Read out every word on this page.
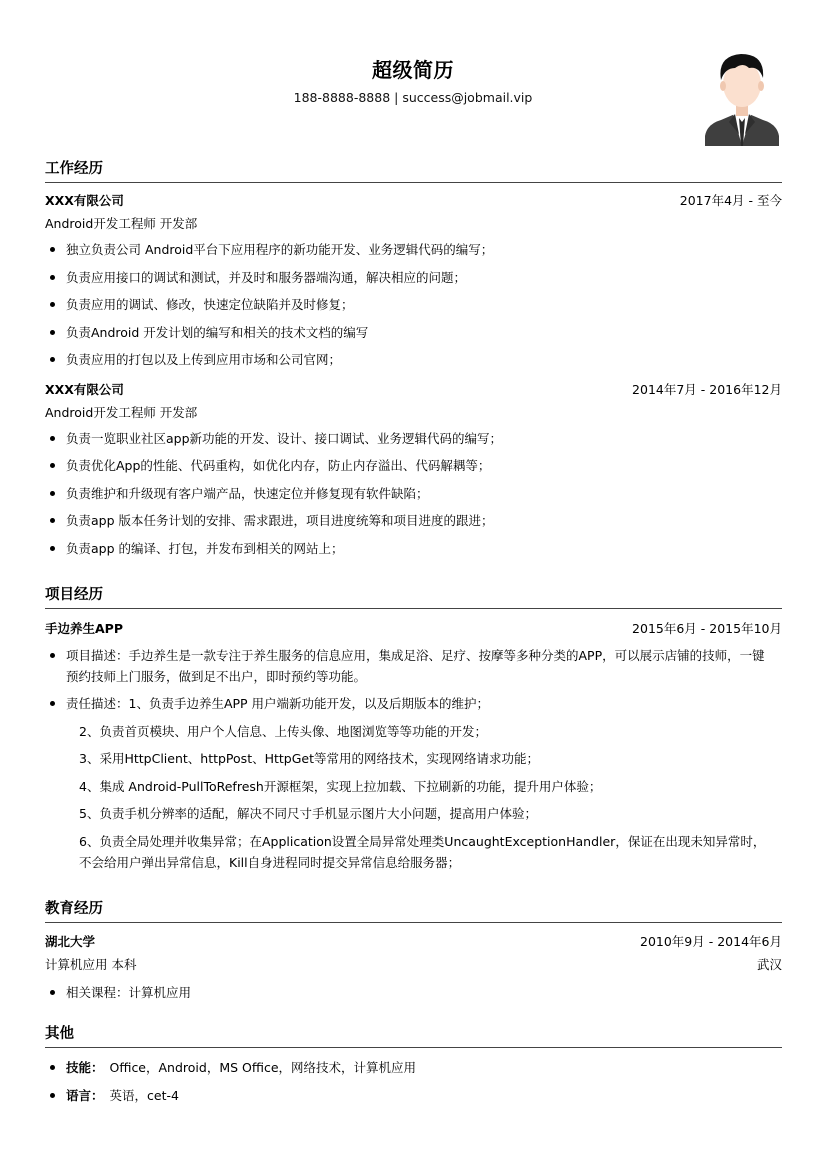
超级简历
188-8888-8888 | success@jobmail.vip
工作经历
XXX有限公司	2017年4月 - 至今
Android开发工程师 开发部
独立负责公司 Android平台下应用程序的新功能开发、业务逻辑代码的编写；
负责应用接口的调试和测试，并及时和服务器端沟通，解决相应的问题；
负责应用的调试、修改，快速定位缺陷并及时修复；
负责Android 开发计划的编写和相关的技术文档的编写
负责应用的打包以及上传到应用市场和公司官网；
XXX有限公司	2014年7月 - 2016年12月
Android开发工程师 开发部
负责一览职业社区app新功能的开发、设计、接口调试、业务逻辑代码的编写；
负责优化App的性能、代码重构，如优化内存，防止内存溢出、代码解耦等；
负责维护和升级现有客户端产品，快速定位并修复现有软件缺陷；
负责app 版本任务计划的安排、需求跟进，项目进度统筹和项目进度的跟进；
负责app 的编译、打包，并发布到相关的网站上；
项目经历
手边养生APP	2015年6月 - 2015年10月
项目描述：手边养生是一款专注于养生服务的信息应用，集成足浴、足疗、按摩等多种分类的APP，可以展示店铺的技师，一键
预约技师上门服务，做到足不出户，即时预约等功能。
责任描述：1、负责手边养生APP 用户端新功能开发，以及后期版本的维护；
2、负责首页模块、用户个人信息、上传头像、地图浏览等等功能的开发；
3、采用HttpClient、httpPost、HttpGet等常用的网络技术，实现网络请求功能；
4、集成 Android-PullToRefresh开源框架，实现上拉加载、下拉刷新的功能，提升用户体验；
5、负责手机分辨率的适配，解决不同尺寸手机显示图片大小问题，提高用户体验；
6、负责全局处理并收集异常；在Application设置全局异常处理类UncaughtExceptionHandler，保证在出现未知异常时，
不会给用户弹出异常信息，Kill自身进程同时提交异常信息给服务器；
教育经历
湖北大学	2010年9月 - 2014年6月
计算机应用 本科	武汉
相关课程：计算机应用
其他
技能： Office，Android，MS Office，网络技术，计算机应用
语言： 英语，cet-4
